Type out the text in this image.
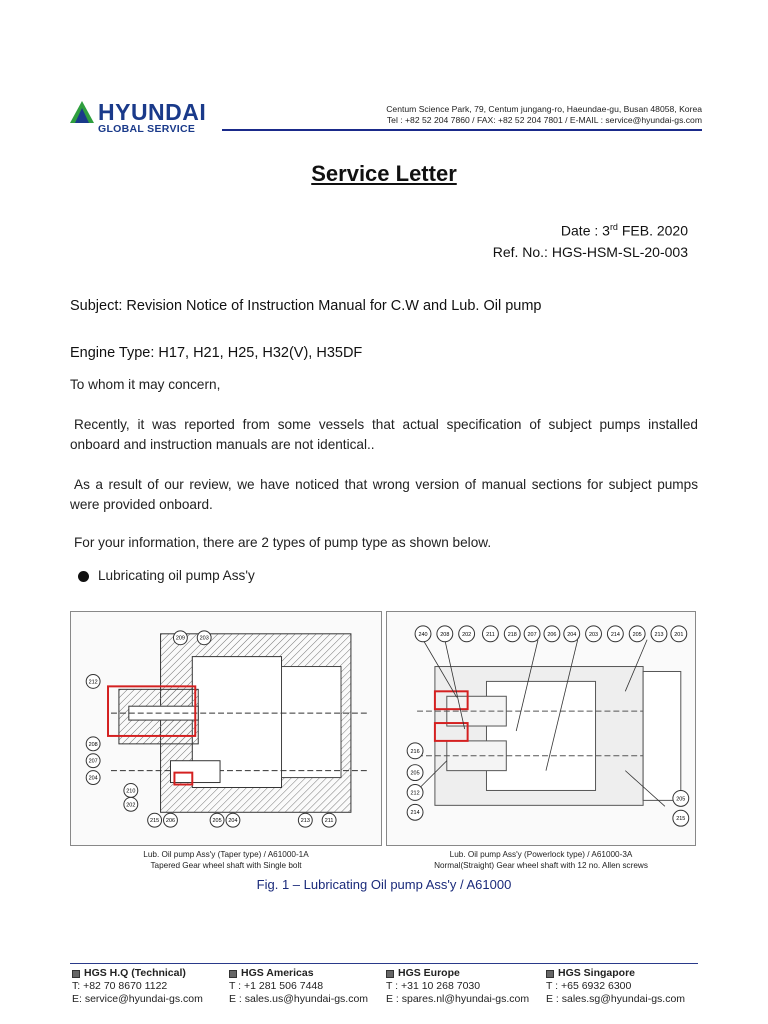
HYUNDAI
GLOBAL SERVICE
Centum Science Park, 79, Centum jungang-ro, Haeundae-gu, Busan 48058, Korea
Tel : +82 52 204 7860 / FAX: +82 52 204 7801 / E-MAIL : service@hyundai-gs.com
Service Letter
Date : 3rd FEB. 2020
Ref. No.: HGS-HSM-SL-20-003
Subject: Revision Notice of Instruction Manual for C.W and Lub. Oil pump
Engine Type: H17, H21, H25, H32(V), H35DF
To whom it may concern,
Recently, it was reported from some vessels that actual specification of subject pumps installed onboard and instruction manuals are not identical..
As a result of our review, we have noticed that wrong version of manual sections for subject pumps were provided onboard.
For your information, there are 2 types of pump type as shown below.
Lubricating oil pump Ass'y
209	203
212
208
207
204
210
202
215 206	205 204	213	211
Lub. Oil pump Ass'y (Taper type) / A61000-1A
Tapered Gear wheel shaft with Single bolt
240 208 202	211 218 207 206 204 203 214 205 213 201
216
205
212
214
205
215
Lub. Oil pump Ass'y (Powerlock type) / A61000-3A
Normal(Straight) Gear wheel shaft with 12 no. Allen screws
Fig. 1 – Lubricating Oil pump Ass'y / A61000
HGS H.Q (Technical)
T: +82 70 8670 1122
E: service@hyundai-gs.com
HGS Americas
T : +1 281 506 7448
E : sales.us@hyundai-gs.com
HGS Europe
T : +31 10 268 7030
E : spares.nl@hyundai-gs.com
HGS Singapore
T : +65 6932 6300
E : sales.sg@hyundai-gs.com
